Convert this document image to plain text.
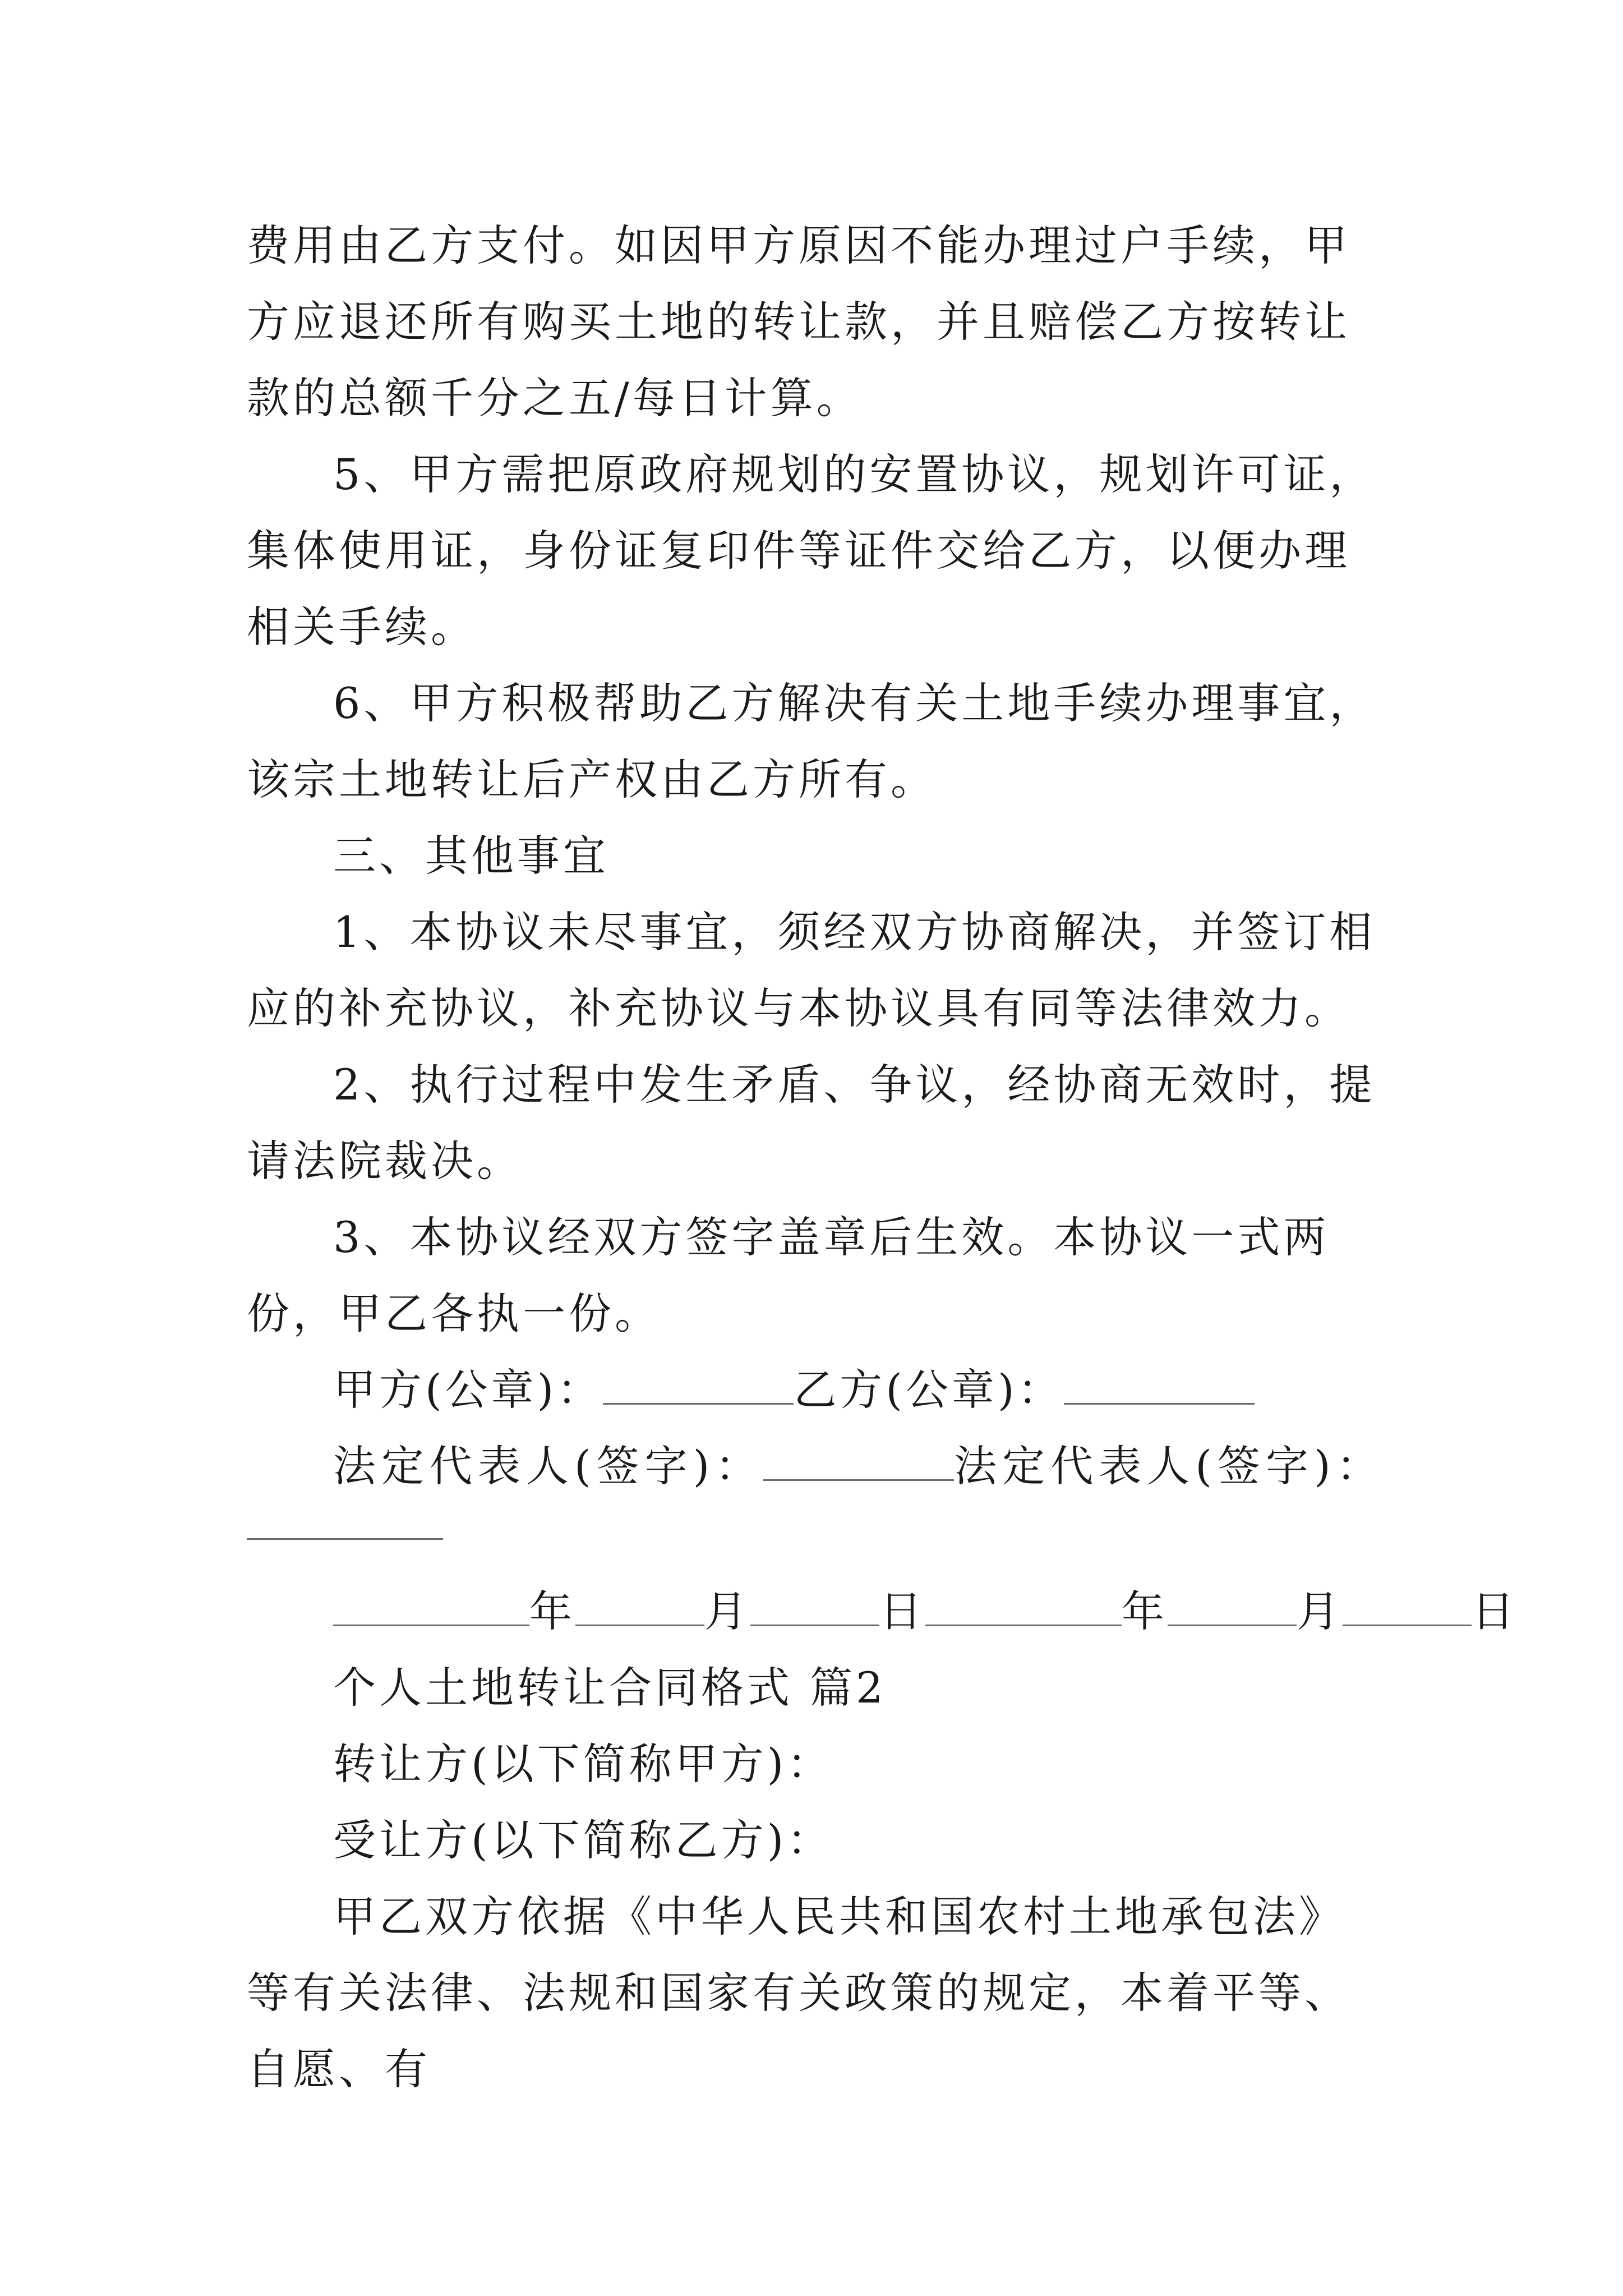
费用由乙方支付。如因甲方原因不能办理过户手续，甲方应退还所有购买土地的转让款，并且赔偿乙方按转让款的总额千分之五/每日计算。

5、甲方需把原政府规划的安置协议，规划许可证，集体使用证，身份证复印件等证件交给乙方，以便办理相关手续。

6、甲方积极帮助乙方解决有关土地手续办理事宜，该宗土地转让后产权由乙方所有。

三、其他事宜

1、本协议未尽事宜，须经双方协商解决，并签订相应的补充协议，补充协议与本协议具有同等法律效力。

2、执行过程中发生矛盾、争议，经协商无效时，提请法院裁决。

3、本协议经双方签字盖章后生效。本协议一式两份，甲乙各执一份。

甲方(公章)：	乙方(公章)：
法定代表人(签字)：	法定代表人(签字)：
年	月	日	年	月	日

个人土地转让合同格式 篇2

转让方(以下简称甲方)：

受让方(以下简称乙方)：

甲乙双方依据《中华人民共和国农村土地承包法》等有关法律、法规和国家有关政策的规定，本着平等、自愿、有
